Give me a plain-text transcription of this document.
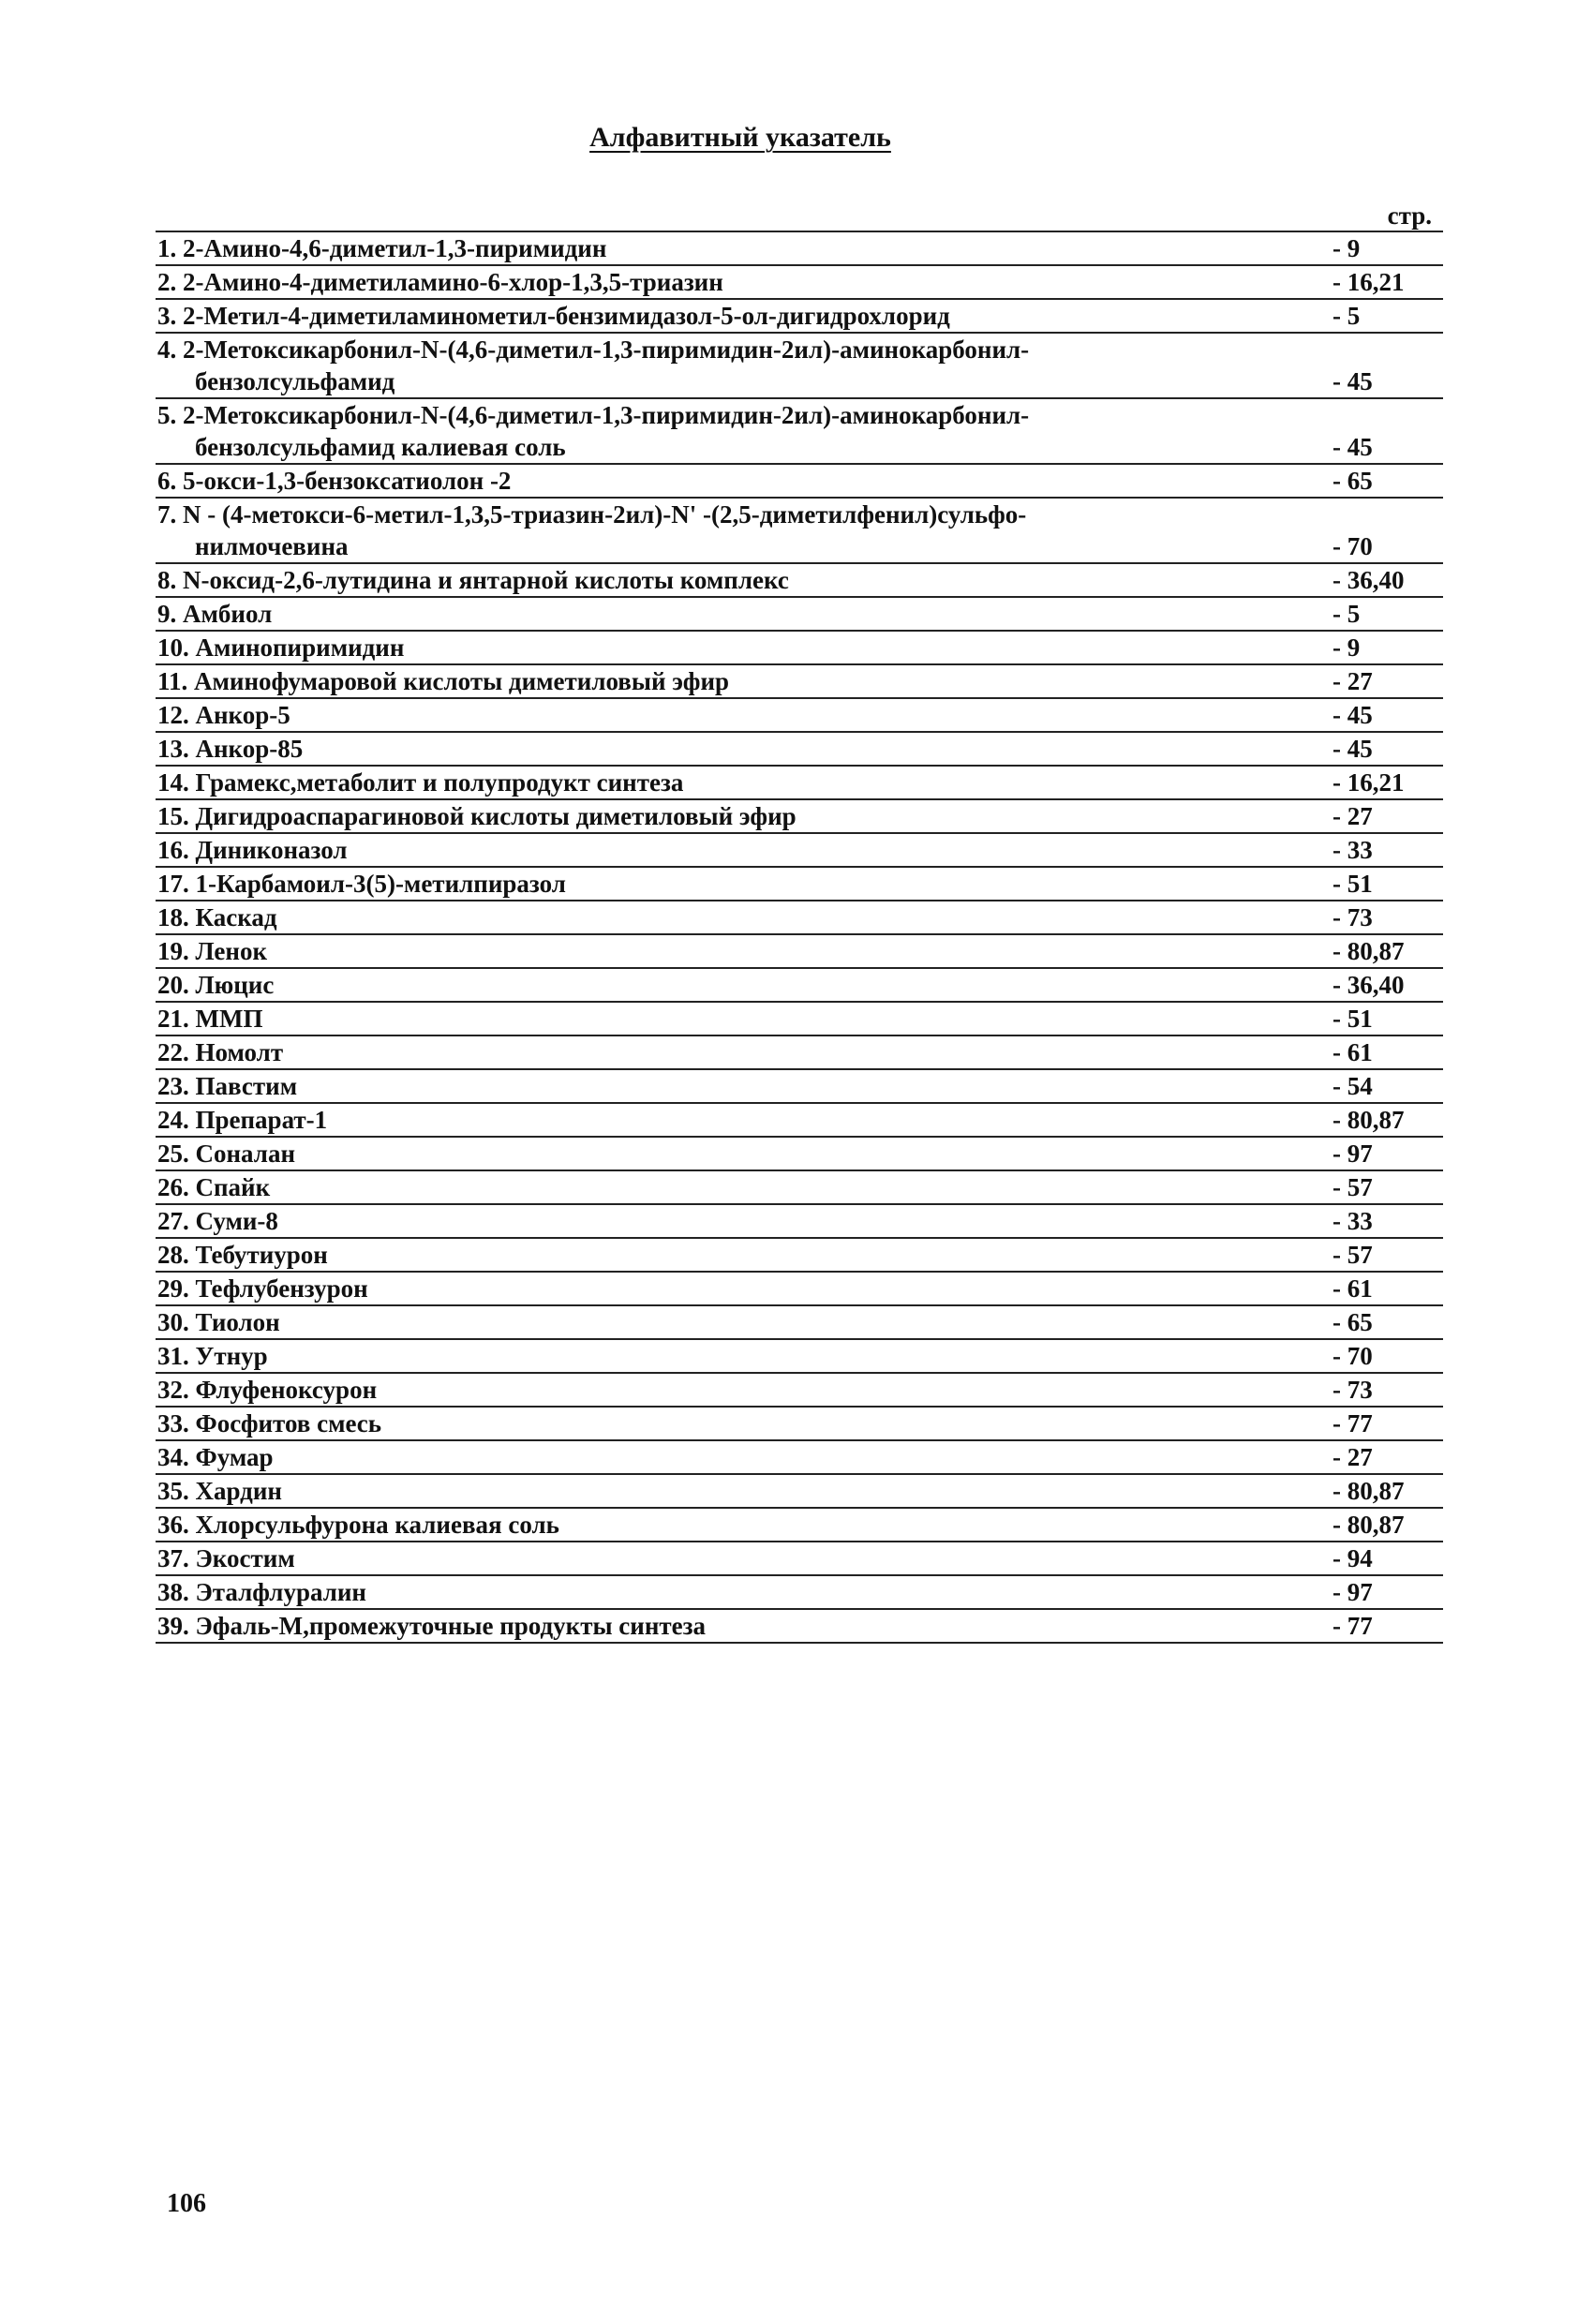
Алфавитный указатель
стр.
1. 2-Амино-4,6-диметил-1,3-пиримидин	- 9
2. 2-Амино-4-диметиламино-6-хлор-1,3,5-триазин	- 16,21
3. 2-Метил-4-диметиламинометил-бензимидазол-5-ол-дигидрохлорид	- 5
4. 2-Метоксикарбонил-N-(4,6-диметил-1,3-пиримидин-2ил)-аминокарбонил-
бензолсульфамид	- 45
5. 2-Метоксикарбонил-N-(4,6-диметил-1,3-пиримидин-2ил)-аминокарбонил-
бензолсульфамид калиевая соль	- 45
6. 5-окси-1,3-бензоксатиолон -2	- 65
7. N - (4-метокси-6-метил-1,3,5-триазин-2ил)-N' -(2,5-диметилфенил)сульфо-
нилмочевина	- 70
8. N-оксид-2,6-лутидина и янтарной кислоты комплекс	- 36,40
9. Амбиол	- 5
10. Аминопиримидин	- 9
11. Аминофумаровой кислоты диметиловый эфир	- 27
12. Анкор-5	- 45
13. Анкор-85	- 45
14. Грамекс,метаболит и полупродукт синтеза	- 16,21
15. Дигидроаспарагиновой кислоты диметиловый эфир	- 27
16. Диниконазол	- 33
17. 1-Карбамоил-3(5)-метилпиразол	- 51
18. Каскад	- 73
19. Ленок	- 80,87
20. Люцис	- 36,40
21. ММП	- 51
22. Номолт	- 61
23. Павстим	- 54
24. Препарат-1	- 80,87
25. Соналан	- 97
26. Спайк	- 57
27. Суми-8	- 33
28. Тебутиурон	- 57
29. Тефлубензурон	- 61
30. Тиолон	- 65
31. Утнур	- 70
32. Флуфеноксурон	- 73
33. Фосфитов смесь	- 77
34. Фумар	- 27
35. Хардин	- 80,87
36. Хлорсульфурона калиевая соль	- 80,87
37. Экостим	- 94
38. Эталфлуралин	- 97
39. Эфаль-М,промежуточные продукты синтеза	- 77
106
